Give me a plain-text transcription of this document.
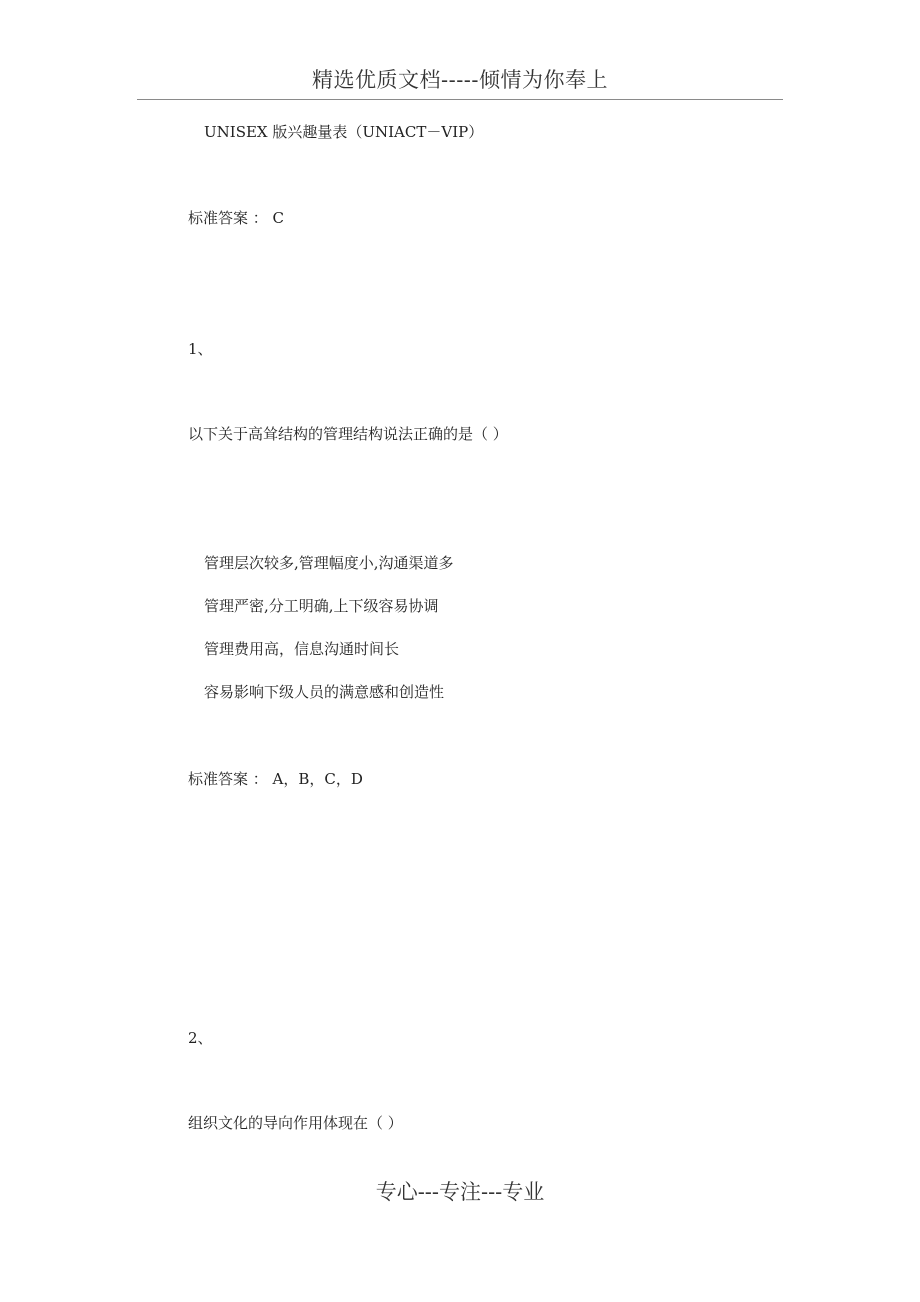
精选优质文档-----倾情为你奉上
UNISEX 版兴趣量表（UNIACT－VIP）
标准答案 ： C
1、
以下关于高耸结构的管理结构说法正确的是（ ）
管理层次较多,管理幅度小,沟通渠道多
管理严密,分工明确,上下级容易协调
管理费用高，信息沟通时间长
容易影响下级人员的满意感和创造性
标准答案 ： A，B，C，D
2、
组织文化的导向作用体现在（ ）
专心---专注---专业
